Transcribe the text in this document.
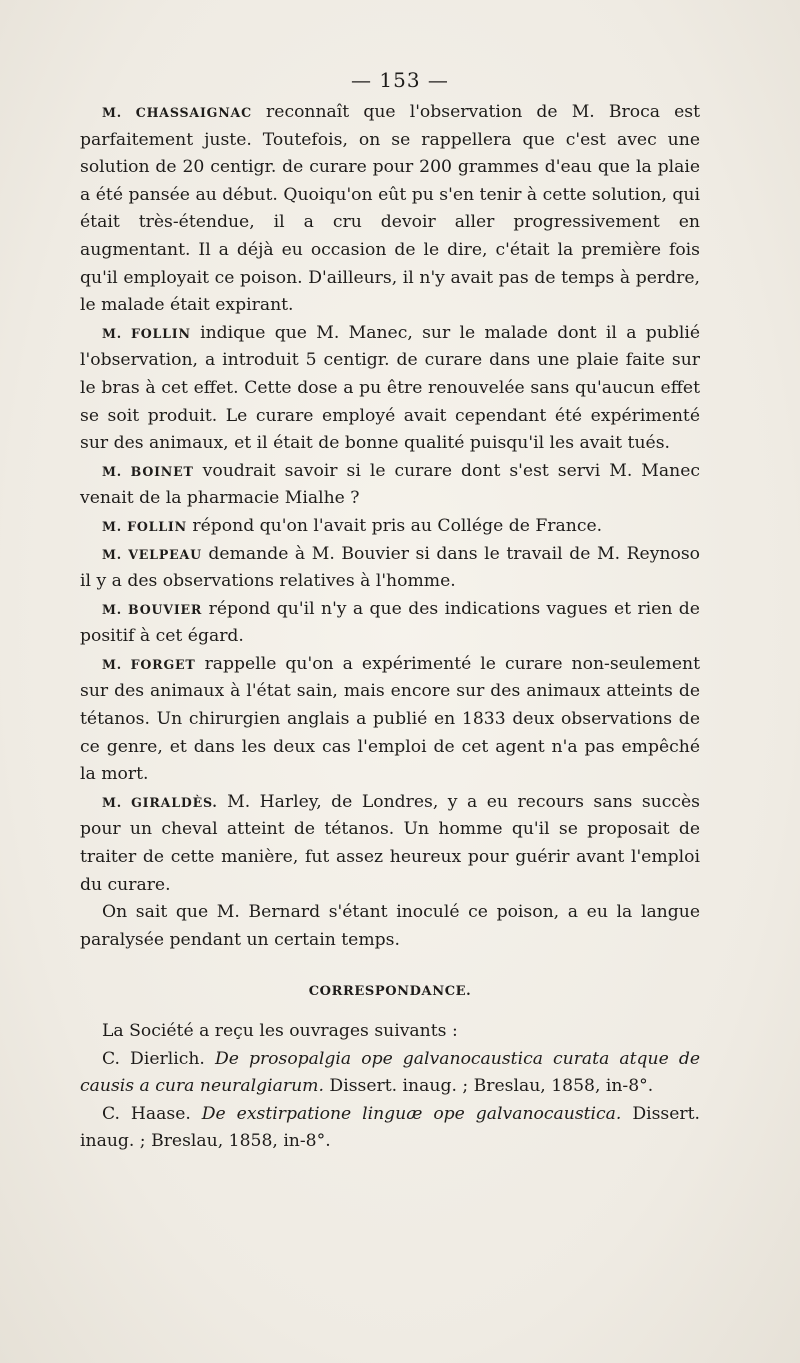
— 153 —

M. CHASSAIGNAC reconnaît que l'observation de M. Broca est parfaitement juste. Toutefois, on se rappellera que c'est avec une solution de 20 centigr. de curare pour 200 grammes d'eau que la plaie a été pansée au début. Quoiqu'on eût pu s'en tenir à cette solution, qui était très-étendue, il a cru devoir aller progressivement en augmentant. Il a déjà eu occasion de le dire, c'était la première fois qu'il employait ce poison. D'ailleurs, il n'y avait pas de temps à perdre, le malade était expirant.

M. FOLLIN indique que M. Manec, sur le malade dont il a publié l'observation, a introduit 5 centigr. de curare dans une plaie faite sur le bras à cet effet. Cette dose a pu être renouvelée sans qu'aucun effet se soit produit. Le curare employé avait cependant été expérimenté sur des animaux, et il était de bonne qualité puisqu'il les avait tués.

M. BOINET voudrait savoir si le curare dont s'est servi M. Manec venait de la pharmacie Mialhe ?

M. FOLLIN répond qu'on l'avait pris au Collége de France.

M. VELPEAU demande à M. Bouvier si dans le travail de M. Reynoso il y a des observations relatives à l'homme.

M. BOUVIER répond qu'il n'y a que des indications vagues et rien de positif à cet égard.

M. FORGET rappelle qu'on a expérimenté le curare non-seulement sur des animaux à l'état sain, mais encore sur des animaux atteints de tétanos. Un chirurgien anglais a publié en 1833 deux observations de ce genre, et dans les deux cas l'emploi de cet agent n'a pas empêché la mort.

M. GIRALDÈS. M. Harley, de Londres, y a eu recours sans succès pour un cheval atteint de tétanos. Un homme qu'il se proposait de traiter de cette manière, fut assez heureux pour guérir avant l'emploi du curare.

On sait que M. Bernard s'étant inoculé ce poison, a eu la langue paralysée pendant un certain temps.

CORRESPONDANCE.

La Société a reçu les ouvrages suivants :

C. Dierlich. De prosopalgia ope galvanocaustica curata atque de causis a cura neuralgiarum. Dissert. inaug. ; Breslau, 1858, in-8°.

C. Haase. De exstirpatione linguæ ope galvanocaustica. Dissert. inaug. ; Breslau, 1858, in-8°.
